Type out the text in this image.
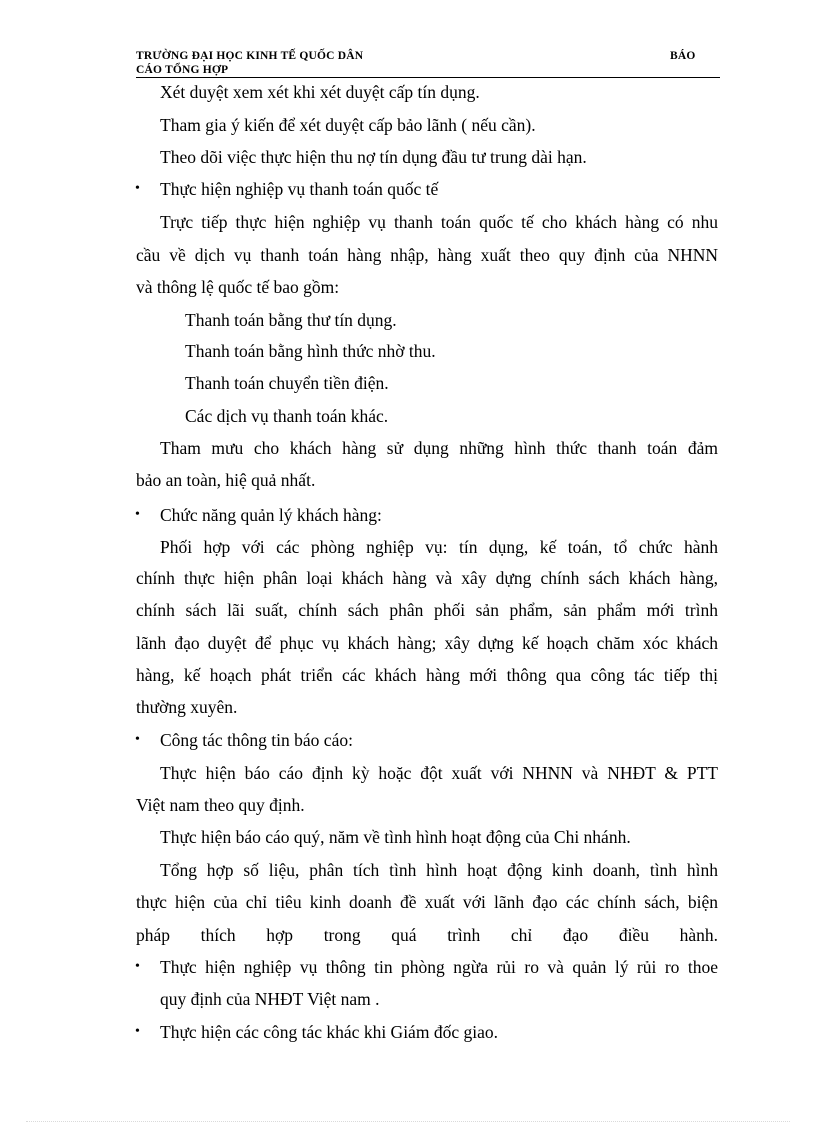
TRƯỜNG ĐẠI HỌC KINH TẾ QUỐC DÂN	BÁO
CÁO TỔNG HỢP
Xét duyệt xem xét khi xét duyệt cấp tín dụng.
Tham gia ý kiến để xét duyệt cấp bảo lãnh ( nếu cần).
Theo dõi việc thực hiện thu nợ tín dụng đầu tư trung dài hạn.
• Thực hiện nghiệp vụ thanh toán quốc tế
Trực tiếp thực hiện nghiệp vụ thanh toán quốc tế cho khách hàng có nhu
cầu về dịch vụ thanh toán hàng nhập, hàng xuất theo quy định của NHNN
và thông lệ quốc tế bao gồm:
Thanh toán bằng thư tín dụng.
Thanh toán bằng hình thức nhờ thu.
Thanh toán chuyển tiền điện.
Các dịch vụ thanh toán khác.
Tham mưu cho khách hàng sử dụng những hình thức thanh toán đảm
bảo an toàn, hiệ quả nhất.
• Chức năng quản lý khách hàng:
Phối hợp với các phòng nghiệp vụ: tín dụng, kế toán, tổ chức hành
chính thực hiện phân loại khách hàng và xây dựng chính sách khách hàng,
chính sách lãi suất, chính sách phân phối sản phẩm, sản phẩm mới trình
lãnh đạo duyệt để phục vụ khách hàng; xây dựng kế hoạch chăm xóc khách
hàng, kế hoạch phát triển các khách hàng mới thông qua công tác tiếp thị
thường xuyên.
• Công tác thông tin báo cáo:
Thực hiện báo cáo định kỳ hoặc đột xuất với NHNN và NHĐT & PTT
Việt nam theo quy định.
Thực hiện báo cáo quý, năm về tình hình hoạt động của Chi nhánh.
Tổng hợp số liệu, phân tích tình hình hoạt động kinh doanh, tình hình
thực hiện của chỉ tiêu kinh doanh đề xuất với lãnh đạo các chính sách, biện
pháp thích hợp trong quá trình chỉ đạo điều hành.
• Thực hiện nghiệp vụ thông tin phòng ngừa rủi ro và quản lý rủi ro thoe
quy định của NHĐT Việt nam .
• Thực hiện các công tác khác khi Giám đốc giao.
